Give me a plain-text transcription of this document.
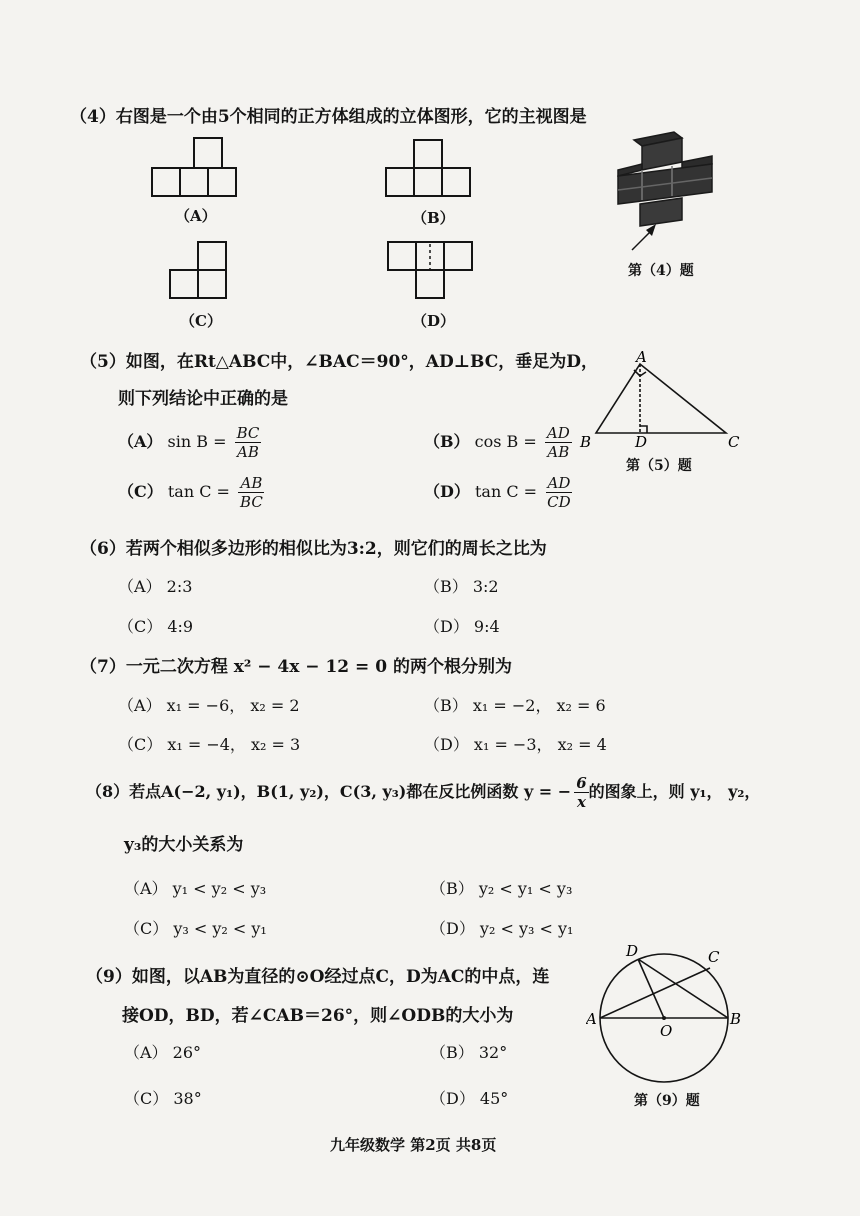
（4）右图是一个由5个相同的正方体组成的立体图形，它的主视图是
（A）	（B）
（C）	（D）
第（4）题
（5）如图，在Rt△ABC中，∠BAC＝90°，AD⊥BC，垂足为D，
则下列结论中正确的是
（A） $\sin B = \frac{BC}{AB}$	（B） $\cos B = \frac{AD}{AB}$
（C） $\tan C = \frac{AB}{BC}$	（D） $\tan C = \frac{AD}{CD}$
A
B	D	C
第（5）题
（6）若两个相似多边形的相似比为3:2，则它们的周长之比为
（A） 2:3	（B） 3:2
（C） 4:9	（D） 9:4
（7）一元二次方程 x² − 4x − 12 = 0 的两个根分别为
（A） x₁ = −6， x₂ = 2	（B） x₁ = −2， x₂ = 6
（C） x₁ = −4， x₂ = 3	（D） x₁ = −3， x₂ = 4
（8）若点A(−2, y₁)，B(1, y₂)，C(3, y₃)都在反比例函数 y = − $\frac{6}{x}$ 的图象上，则 y₁， y₂，
y₃的大小关系为
（A） y₁ < y₂ < y₃	（B） y₂ < y₁ < y₃
（C） y₃ < y₂ < y₁	（D） y₂ < y₃ < y₁
（9）如图，以AB为直径的⊙O经过点C，D为AC的中点，连
接OD，BD，若∠CAB＝26°，则∠ODB的大小为
（A） 26°	（B） 32°
（C） 38°	（D） 45°
D	C
A	B
O
第（9）题
九年级数学 第2页 共8页
